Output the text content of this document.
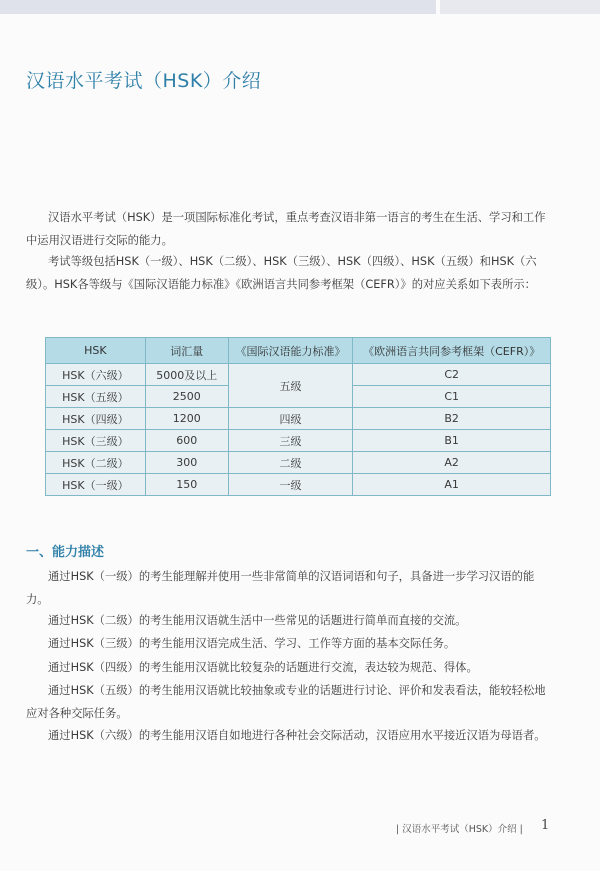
汉语水平考试（HSK）介绍

汉语水平考试（HSK）是一项国际标准化考试，重点考查汉语非第一语言的考生在生活、学习和工作中运用汉语进行交际的能力。

考试等级包括HSK（一级）、HSK（二级）、HSK（三级）、HSK（四级）、HSK（五级）和HSK（六级）。HSK各等级与《国际汉语能力标准》《欧洲语言共同参考框架（CEFR）》的对应关系如下表所示：

HSK	词汇量	《国际汉语能力标准》	《欧洲语言共同参考框架（CEFR）》
HSK（六级）	5000及以上	五级	C2
HSK（五级）	2500		C1
HSK（四级）	1200	四级	B2
HSK（三级）	600	三级	B1
HSK（二级）	300	二级	A2
HSK（一级）	150	一级	A1
一、能力描述

通过HSK（一级）的考生能理解并使用一些非常简单的汉语词语和句子，具备进一步学习汉语的能力。

通过HSK（二级）的考生能用汉语就生活中一些常见的话题进行简单而直接的交流。

通过HSK（三级）的考生能用汉语完成生活、学习、工作等方面的基本交际任务。

通过HSK（四级）的考生能用汉语就比较复杂的话题进行交流，表达较为规范、得体。

通过HSK（五级）的考生能用汉语就比较抽象或专业的话题进行讨论、评价和发表看法，能较轻松地应对各种交际任务。

通过HSK（六级）的考生能用汉语自如地进行各种社会交际活动，汉语应用水平接近汉语为母语者。

| 汉语水平考试（HSK）介绍 | 1
